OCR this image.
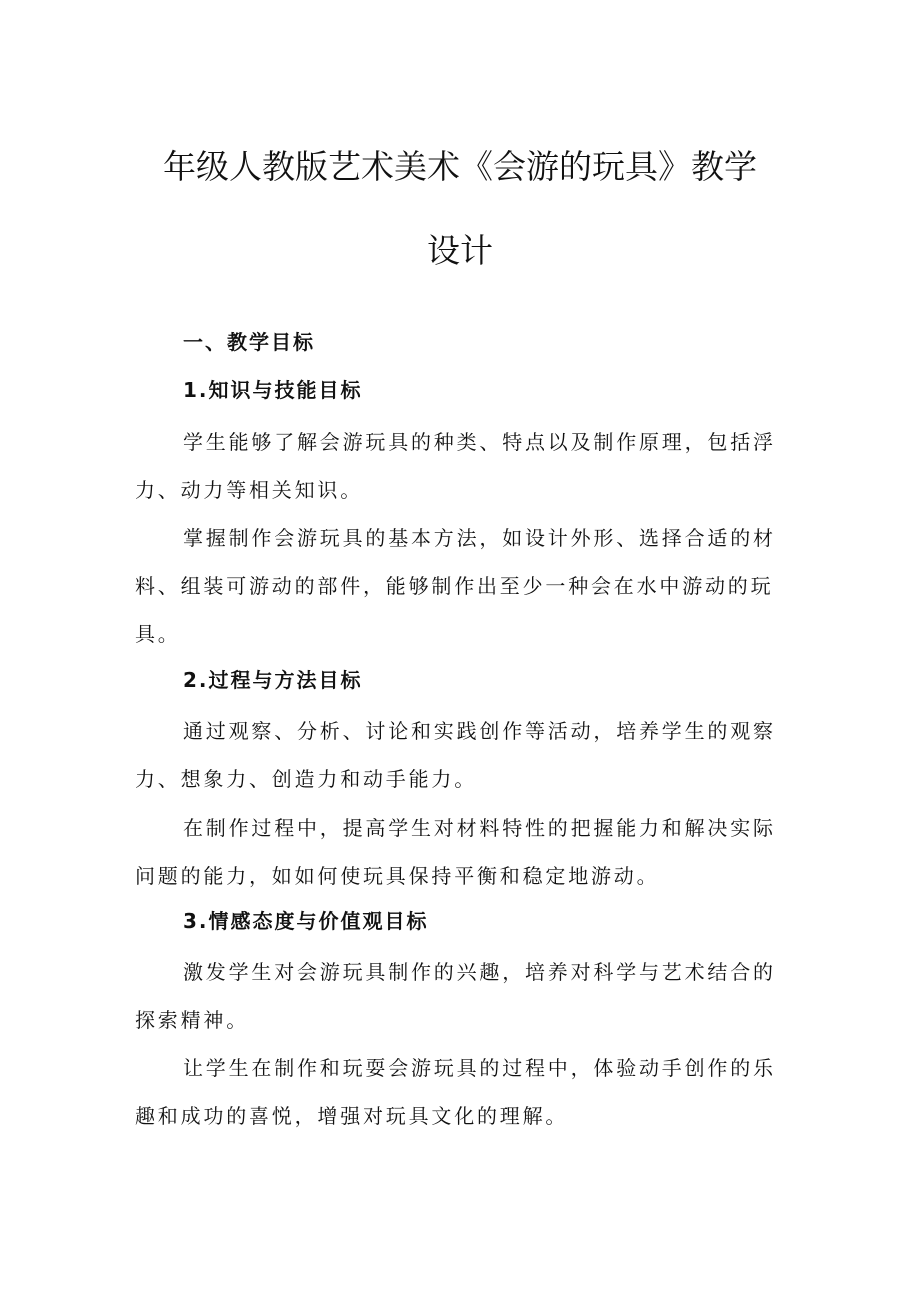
年级人教版艺术美术《会游的玩具》教学
设计
一、教学目标
1.知识与技能目标

学生能够了解会游玩具的种类、特点以及制作原理，包括浮力、动力等相关知识。

掌握制作会游玩具的基本方法，如设计外形、选择合适的材料、组装可游动的部件，能够制作出至少一种会在水中游动的玩具。

2.过程与方法目标

通过观察、分析、讨论和实践创作等活动，培养学生的观察力、想象力、创造力和动手能力。

在制作过程中，提高学生对材料特性的把握能力和解决实际问题的能力，如如何使玩具保持平衡和稳定地游动。

3.情感态度与价值观目标

激发学生对会游玩具制作的兴趣，培养对科学与艺术结合的探索精神。

让学生在制作和玩耍会游玩具的过程中，体验动手创作的乐趣和成功的喜悦，增强对玩具文化的理解。
